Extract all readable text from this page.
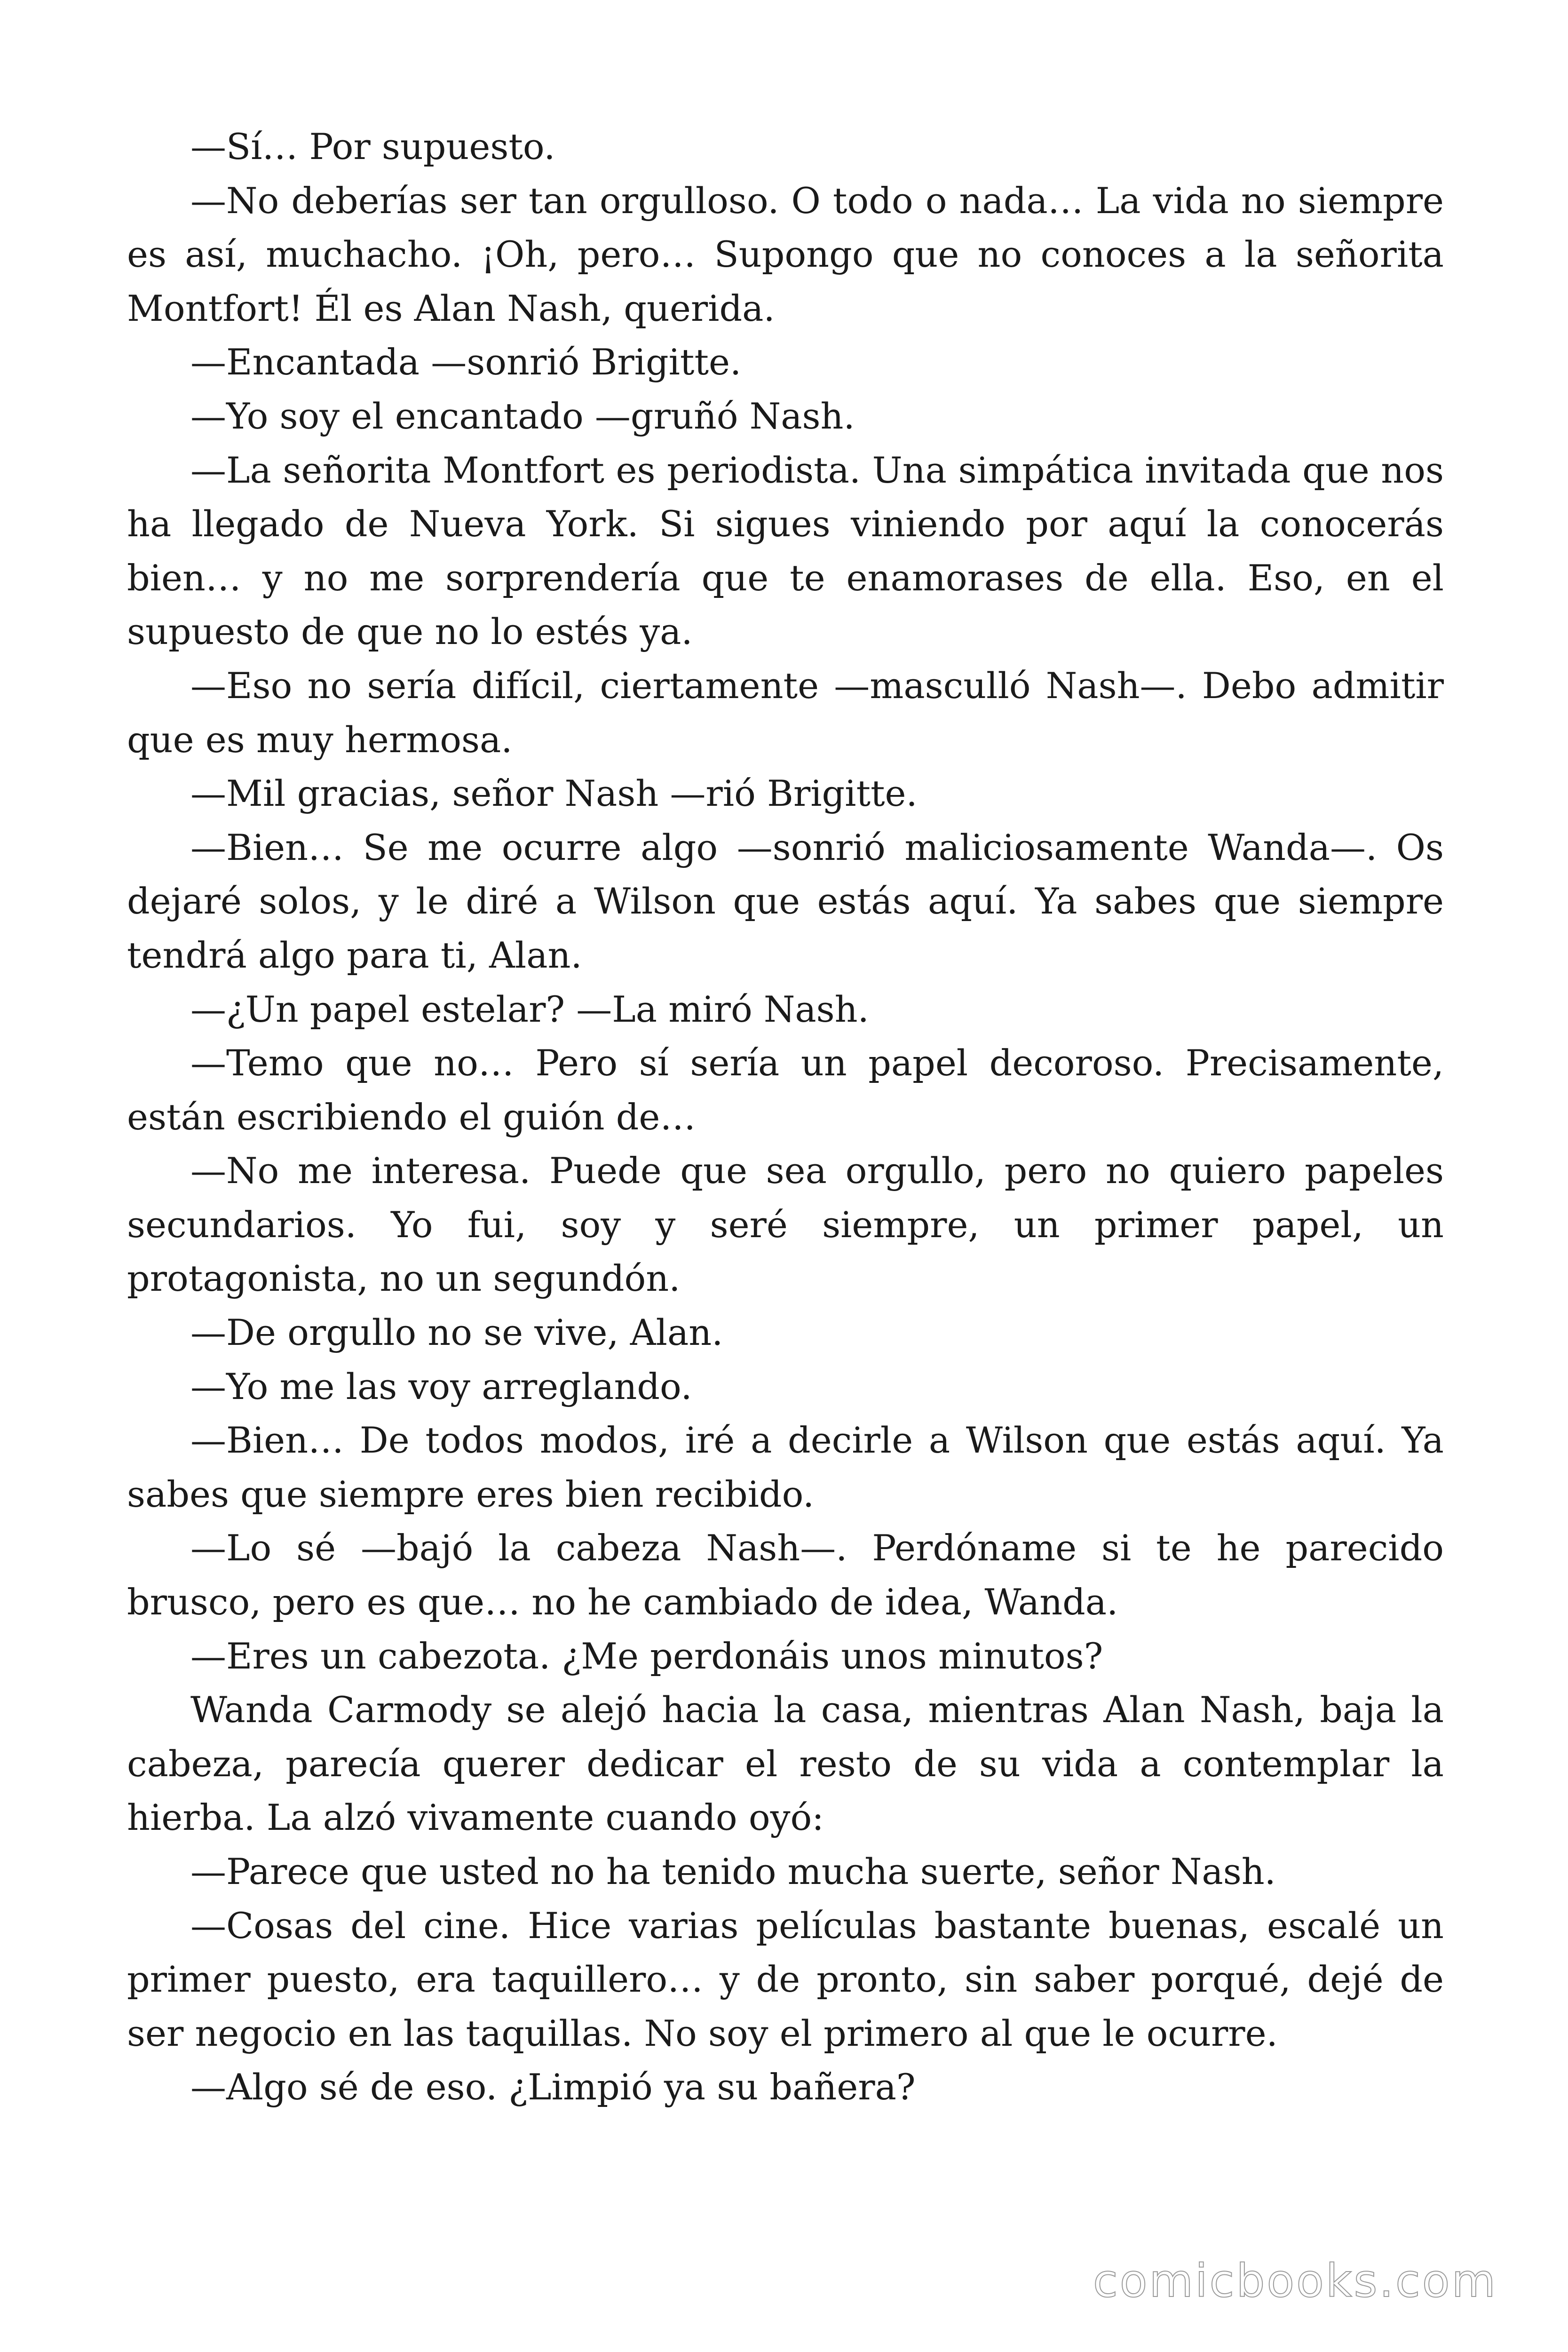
—Sí… Por supuesto.

—No deberías ser tan orgulloso. O todo o nada… La vida no siempre es así, muchacho. ¡Oh, pero… Supongo que no conoces a la señorita Montfort! Él es Alan Nash, querida.

—Encantada —sonrió Brigitte.

—Yo soy el encantado —gruñó Nash.

—La señorita Montfort es periodista. Una simpática invitada que nos ha llegado de Nueva York. Si sigues viniendo por aquí la conocerás bien… y no me sorprendería que te enamorases de ella. Eso, en el supuesto de que no lo estés ya.

—Eso no sería difícil, ciertamente —masculló Nash—. Debo admitir que es muy hermosa.

—Mil gracias, señor Nash —rió Brigitte.

—Bien… Se me ocurre algo —sonrió maliciosamente Wanda—. Os dejaré solos, y le diré a Wilson que estás aquí. Ya sabes que siempre tendrá algo para ti, Alan.

—¿Un papel estelar? —La miró Nash.

—Temo que no… Pero sí sería un papel decoroso. Precisamente, están escribiendo el guión de…

—No me interesa. Puede que sea orgullo, pero no quiero papeles secundarios. Yo fui, soy y seré siempre, un primer papel, un protagonista, no un segundón.

—De orgullo no se vive, Alan.

—Yo me las voy arreglando.

—Bien… De todos modos, iré a decirle a Wilson que estás aquí. Ya sabes que siempre eres bien recibido.

—Lo sé —bajó la cabeza Nash—. Perdóname si te he parecido brusco, pero es que… no he cambiado de idea, Wanda.

—Eres un cabezota. ¿Me perdonáis unos minutos?

Wanda Carmody se alejó hacia la casa, mientras Alan Nash, baja la cabeza, parecía querer dedicar el resto de su vida a contemplar la hierba. La alzó vivamente cuando oyó:

—Parece que usted no ha tenido mucha suerte, señor Nash.

—Cosas del cine. Hice varias películas bastante buenas, escalé un primer puesto, era taquillero… y de pronto, sin saber porqué, dejé de ser negocio en las taquillas. No soy el primero al que le ocurre.

—Algo sé de eso. ¿Limpió ya su bañera?

comicbooks.com
